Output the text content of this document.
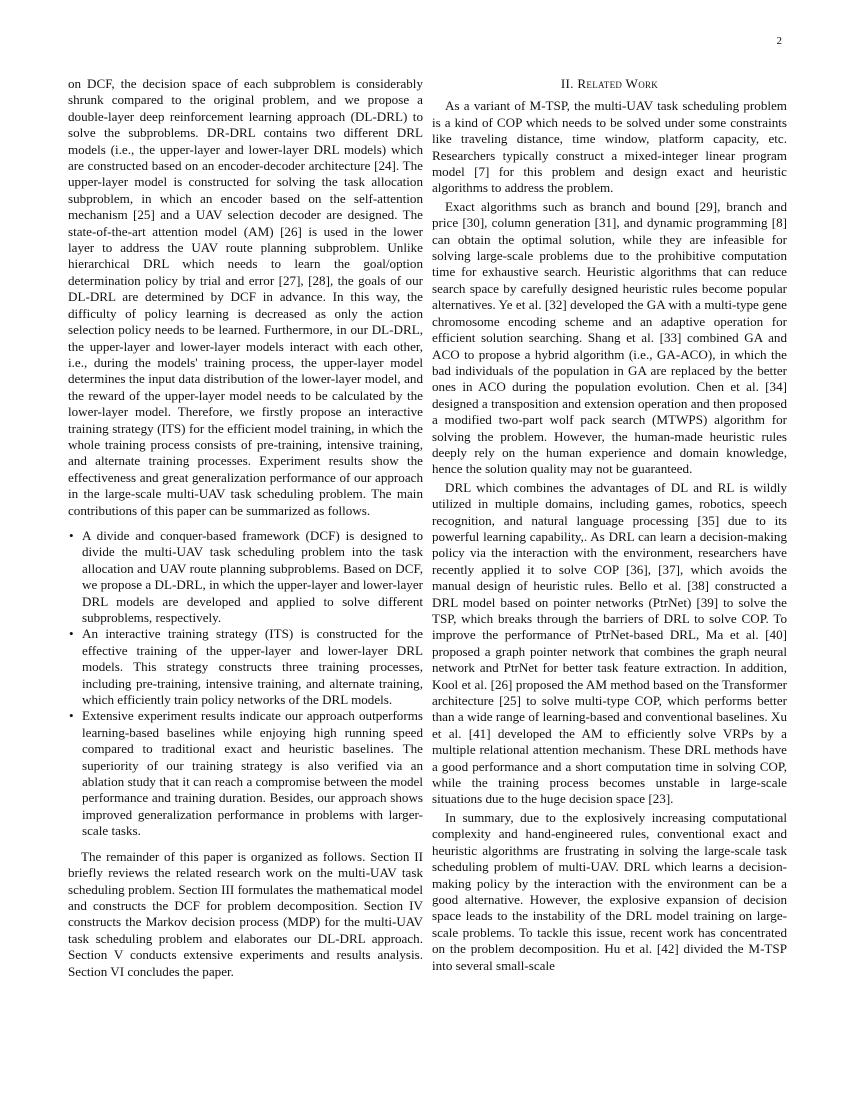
2

on DCF, the decision space of each subproblem is considerably shrunk compared to the original problem, and we propose a double-layer deep reinforcement learning approach (DL-DRL) to solve the subproblems. DR-DRL contains two different DRL models (i.e., the upper-layer and lower-layer DRL models) which are constructed based on an encoder-decoder architecture [24]. The upper-layer model is constructed for solving the task allocation subproblem, in which an encoder based on the self-attention mechanism [25] and a UAV selection decoder are designed. The state-of-the-art attention model (AM) [26] is used in the lower layer to address the UAV route planning subproblem. Unlike hierarchical DRL which needs to learn the goal/option determination policy by trial and error [27], [28], the goals of our DL-DRL are determined by DCF in advance. In this way, the difficulty of policy learning is decreased as only the action selection policy needs to be learned. Furthermore, in our DL-DRL, the upper-layer and lower-layer models interact with each other, i.e., during the models' training process, the upper-layer model determines the input data distribution of the lower-layer model, and the reward of the upper-layer model needs to be calculated by the lower-layer model. Therefore, we firstly propose an interactive training strategy (ITS) for the efficient model training, in which the whole training process consists of pre-training, intensive training, and alternate training processes. Experiment results show the effectiveness and great generalization performance of our approach in the large-scale multi-UAV task scheduling problem. The main contributions of this paper can be summarized as follows.

• A divide and conquer-based framework (DCF) is designed to divide the multi-UAV task scheduling problem into the task allocation and UAV route planning subproblems. Based on DCF, we propose a DL-DRL, in which the upper-layer and lower-layer DRL models are developed and applied to solve different subproblems, respectively.
• An interactive training strategy (ITS) is constructed for the effective training of the upper-layer and lower-layer DRL models. This strategy constructs three training processes, including pre-training, intensive training, and alternate training, which efficiently train policy networks of the DRL models.
• Extensive experiment results indicate our approach outperforms learning-based baselines while enjoying high running speed compared to traditional exact and heuristic baselines. The superiority of our training strategy is also verified via an ablation study that it can reach a compromise between the model performance and training duration. Besides, our approach shows improved generalization performance in problems with larger-scale tasks.

The remainder of this paper is organized as follows. Section II briefly reviews the related research work on the multi-UAV task scheduling problem. Section III formulates the mathematical model and constructs the DCF for problem decomposition. Section IV constructs the Markov decision process (MDP) for the multi-UAV task scheduling problem and elaborates our DL-DRL approach. Section V conducts extensive experiments and results analysis. Section VI concludes the paper.

II. Related Work

As a variant of M-TSP, the multi-UAV task scheduling problem is a kind of COP which needs to be solved under some constraints like traveling distance, time window, platform capacity, etc. Researchers typically construct a mixed-integer linear program model [7] for this problem and design exact and heuristic algorithms to address the problem.

Exact algorithms such as branch and bound [29], branch and price [30], column generation [31], and dynamic programming [8] can obtain the optimal solution, while they are infeasible for solving large-scale problems due to the prohibitive computation time for exhaustive search. Heuristic algorithms that can reduce search space by carefully designed heuristic rules become popular alternatives. Ye et al. [32] developed the GA with a multi-type gene chromosome encoding scheme and an adaptive operation for efficient solution searching. Shang et al. [33] combined GA and ACO to propose a hybrid algorithm (i.e., GA-ACO), in which the bad individuals of the population in GA are replaced by the better ones in ACO during the population evolution. Chen et al. [34] designed a transposition and extension operation and then proposed a modified two-part wolf pack search (MTWPS) algorithm for solving the problem. However, the human-made heuristic rules deeply rely on the human experience and domain knowledge, hence the solution quality may not be guaranteed.

DRL which combines the advantages of DL and RL is wildly utilized in multiple domains, including games, robotics, speech recognition, and natural language processing [35] due to its powerful learning capability,. As DRL can learn a decision-making policy via the interaction with the environment, researchers have recently applied it to solve COP [36], [37], which avoids the manual design of heuristic rules. Bello et al. [38] constructed a DRL model based on pointer networks (PtrNet) [39] to solve the TSP, which breaks through the barriers of DRL to solve COP. To improve the performance of PtrNet-based DRL, Ma et al. [40] proposed a graph pointer network that combines the graph neural network and PtrNet for better task feature extraction. In addition, Kool et al. [26] proposed the AM method based on the Transformer architecture [25] to solve multi-type COP, which performs better than a wide range of learning-based and conventional baselines. Xu et al. [41] developed the AM to efficiently solve VRPs by a multiple relational attention mechanism. These DRL methods have a good performance and a short computation time in solving COP, while the training process becomes unstable in large-scale situations due to the huge decision space [23].

In summary, due to the explosively increasing computational complexity and hand-engineered rules, conventional exact and heuristic algorithms are frustrating in solving the large-scale task scheduling problem of multi-UAV. DRL which learns a decision-making policy by the interaction with the environment can be a good alternative. However, the explosive expansion of decision space leads to the instability of the DRL model training on large-scale problems. To tackle this issue, recent work has concentrated on the problem decomposition. Hu et al. [42] divided the M-TSP into several small-scale
